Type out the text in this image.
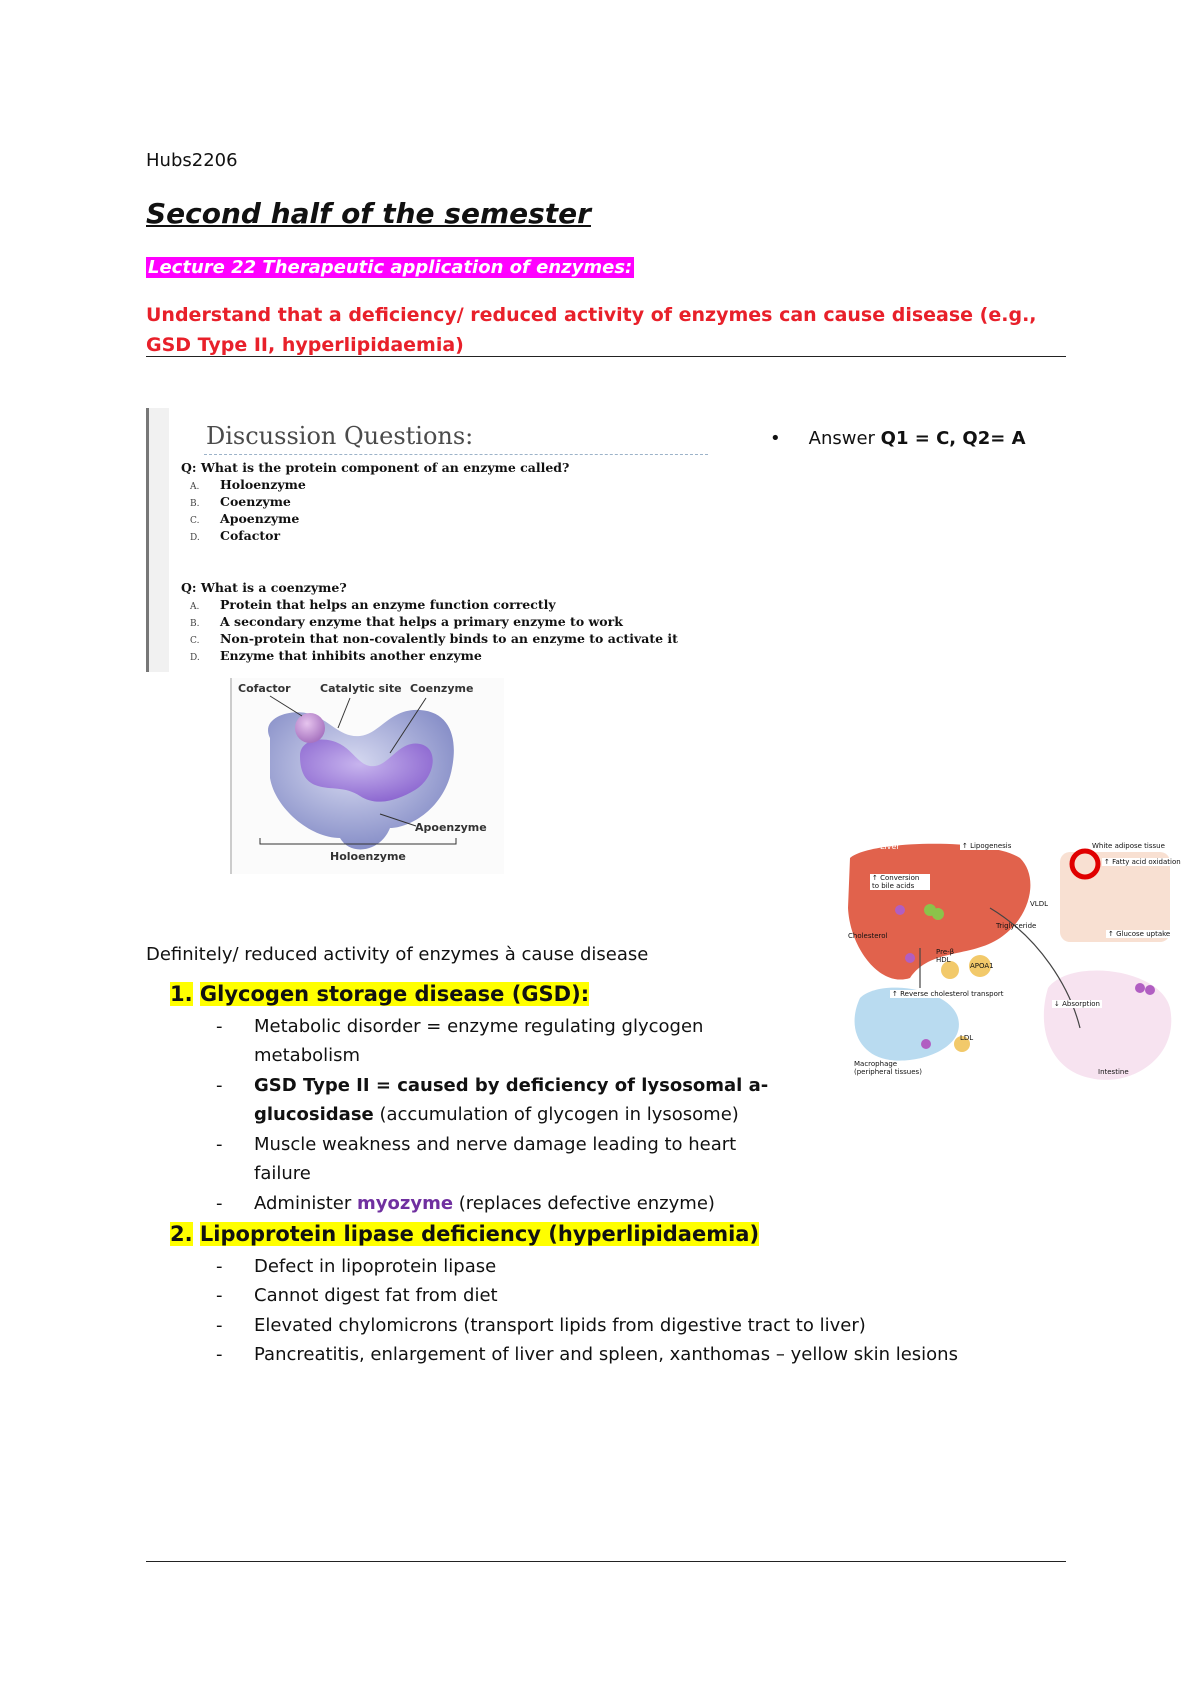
Hubs2206
Second half of the semester
Lecture 22 Therapeutic application of enzymes:
Understand that a deficiency/ reduced activity of enzymes can cause disease (e.g., GSD Type II, hyperlipidaemia)
Discussion Questions:
Q: What is the protein component of an enzyme called?
A. Holoenzyme
B. Coenzyme
C. Apoenzyme
D. Cofactor
Q: What is a coenzyme?
A. Protein that helps an enzyme function correctly
B. A secondary enzyme that helps a primary enzyme to work
C. Non-protein that non-covalently binds to an enzyme to activate it
D. Enzyme that inhibits another enzyme
• Answer Q1 = C, Q2= A
Cofactor	Catalytic site Coenzyme
Apoenzyme
Holoenzyme
Liver	↑ Lipogenesis	White adipose tissue
↑ Fatty acid oxidation
↑ Conversion to bile acids
Cholesterol
Triglyceride
VLDL
↑ Glucose uptake
↑ Reverse cholesterol transport
↓ Absorption
Intestine
Macrophage (peripheral tissues)
LDL
Pre-β HDL
APOA1
Definitely/ reduced activity of enzymes à cause disease
1. Glycogen storage disease (GSD):
- Metabolic disorder = enzyme regulating glycogen metabolism
- GSD Type II = caused by deficiency of lysosomal a-glucosidase (accumulation of glycogen in lysosome)
- Muscle weakness and nerve damage leading to heart failure
- Administer myozyme (replaces defective enzyme)
2. Lipoprotein lipase deficiency (hyperlipidaemia)
- Defect in lipoprotein lipase
- Cannot digest fat from diet
- Elevated chylomicrons (transport lipids from digestive tract to liver)
- Pancreatitis, enlargement of liver and spleen, xanthomas – yellow skin lesions
